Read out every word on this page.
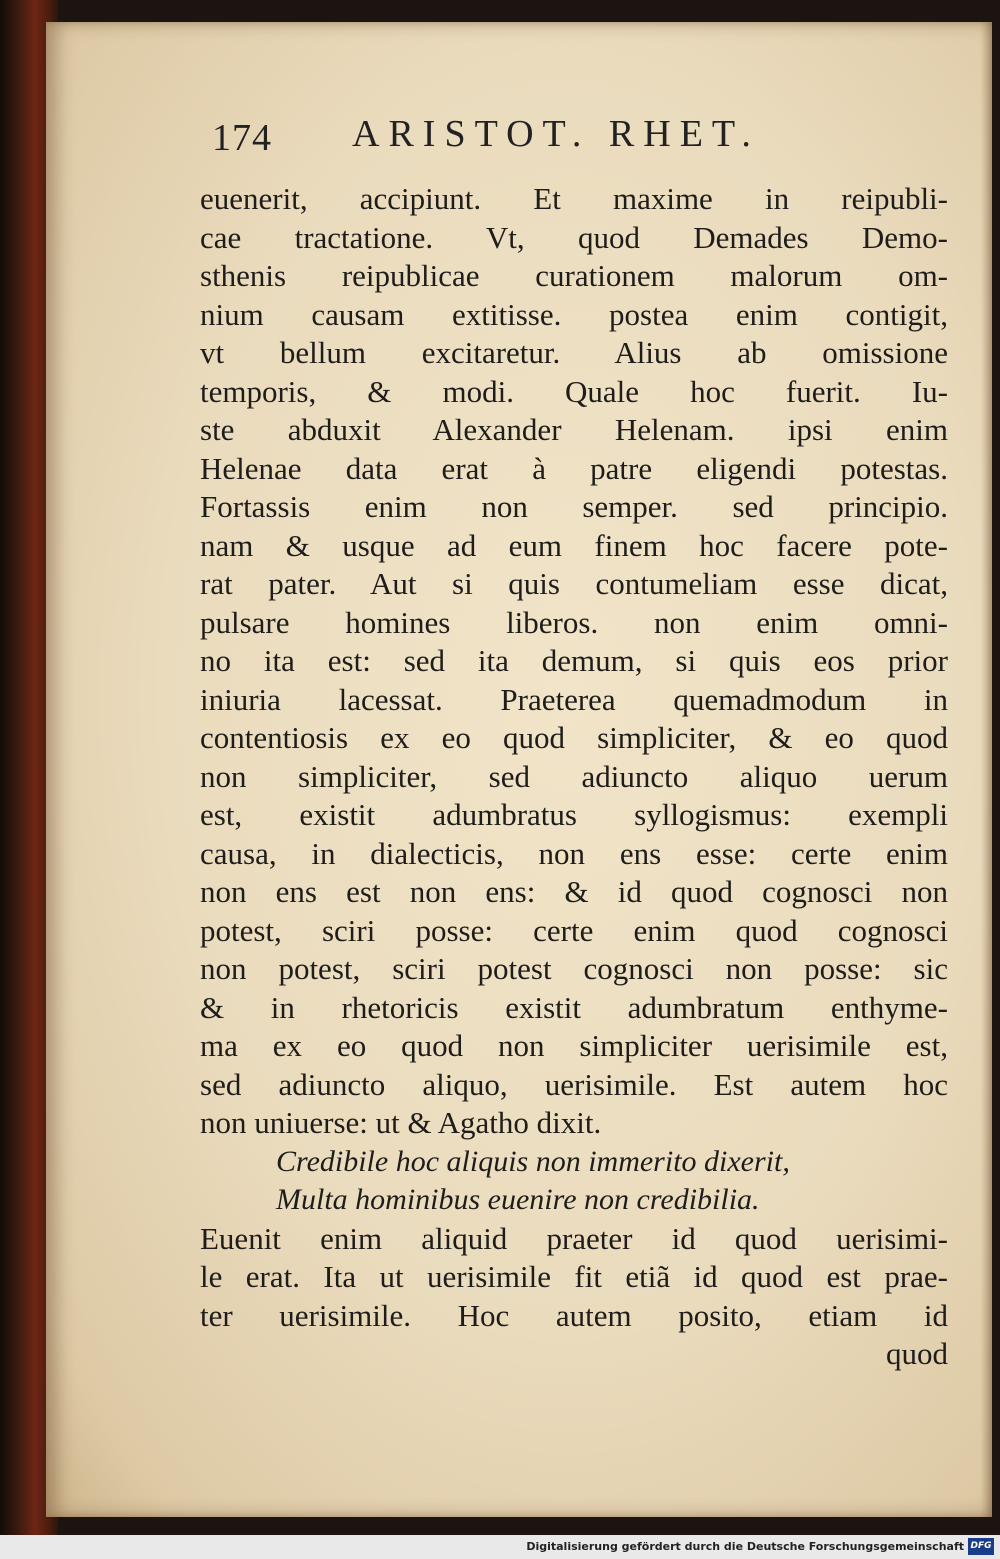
174 ARISTOT. RHET.
euenerit, accipiunt. Et maxime in reipubli-
cae tractatione. Vt, quod Demades Demo-
sthenis reipublicae curationem malorum om-
nium causam extitisse. postea enim contigit,
vt bellum excitaretur. Alius ab omissione
temporis, & modi. Quale hoc fuerit. Iu-
ste abduxit Alexander Helenam. ipsi enim
Helenae data erat à patre eligendi potestas.
Fortassis enim non semper. sed principio.
nam & usque ad eum finem hoc facere pote-
rat pater. Aut si quis contumeliam esse dicat,
pulsare homines liberos. non enim omni-
no ita est: sed ita demum, si quis eos prior
iniuria lacessat. Praeterea quemadmodum in
contentiosis ex eo quod simpliciter, & eo quod
non simpliciter, sed adiuncto aliquo uerum
est, existit adumbratus syllogismus: exempli
causa, in dialecticis, non ens esse: certe enim
non ens est non ens: & id quod cognosci non
potest, sciri posse: certe enim quod cognosci
non potest, sciri potest cognosci non posse: sic
& in rhetoricis existit adumbratum enthyme-
ma ex eo quod non simpliciter uerisimile est,
sed adiuncto aliquo, uerisimile. Est autem hoc
non uniuerse: ut & Agatho dixit.
Credibile hoc aliquis non immerito dixerit,
Multa hominibus euenire non credibilia.
Euenit enim aliquid praeter id quod uerisimi-
le erat. Ita ut uerisimile fit etiã id quod est prae-
ter uerisimile. Hoc autem posito, etiam id
quod
Digitalisierung gefördert durch die Deutsche Forschungsgemeinschaft DFG
